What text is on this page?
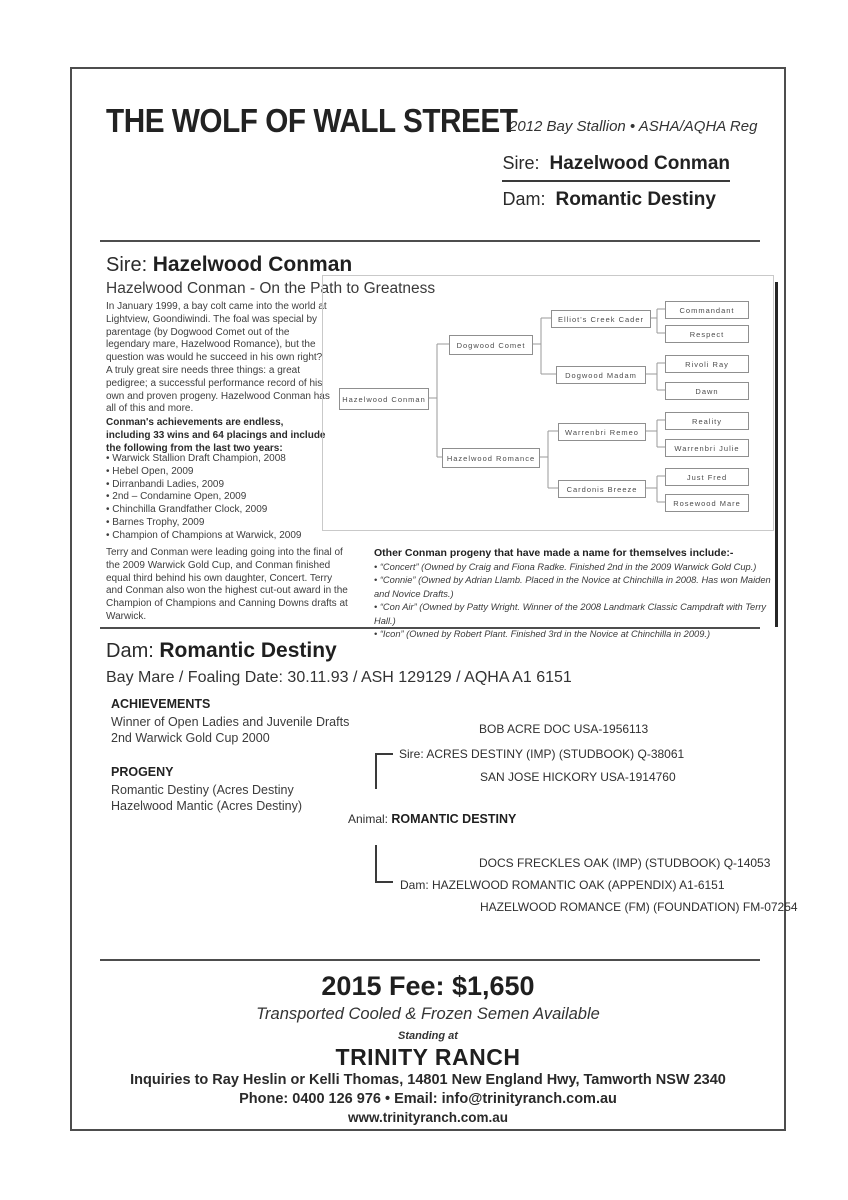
THE WOLF OF WALL STREET
2012 Bay Stallion • ASHA/AQHA Reg
Sire: Hazelwood Conman
Dam: Romantic Destiny
Sire: Hazelwood Conman
Hazelwood Conman - On the Path to Greatness
In January 1999, a bay colt came into the world at Lightview, Goondiwindi. The foal was special by parentage (by Dogwood Comet out of the legendary mare, Hazelwood Romance), but the question was would he succeed in his own right? A truly great sire needs three things: a great pedigree; a successful performance record of his own and proven progeny. Hazelwood Conman has all of this and more.
Conman's achievements are endless, including 33 wins and 64 placings and include the following from the last two years:
• Warwick Stallion Draft Champion, 2008
• Hebel Open, 2009
• Dirranbandi Ladies, 2009
• 2nd – Condamine Open, 2009
• Chinchilla Grandfather Clock, 2009
• Barnes Trophy, 2009
• Champion of Champions at Warwick, 2009
Terry and Conman were leading going into the final of the 2009 Warwick Gold Cup, and Conman finished equal third behind his own daughter, Concert. Terry and Conman also won the highest cut-out award in the Champion of Champions and Canning Downs drafts at Warwick.
Hazelwood Conman
Dogwood Comet
Hazelwood Romance
Elliot's Creek Cader
Dogwood Madam
Warrenbri Remeo
Cardonis Breeze
Commandant
Respect
Rivoli Ray
Dawn
Reality
Warrenbri Julie
Just Fred
Rosewood Mare
Other Conman progeny that have made a name for themselves include:-
• “Concert” (Owned by Craig and Fiona Radke. Finished 2nd in the 2009 Warwick Gold Cup.)
• “Connie” (Owned by Adrian Llamb. Placed in the Novice at Chinchilla in 2008. Has won Maiden and Novice Drafts.)
• “Con Air” (Owned by Patty Wright. Winner of the 2008 Landmark Classic Campdraft with Terry Hall.)
• “Icon” (Owned by Robert Plant. Finished 3rd in the Novice at Chinchilla in 2009.)
Dam: Romantic Destiny
Bay Mare / Foaling Date: 30.11.93 / ASH 129129 / AQHA A1 6151
ACHIEVEMENTS
Winner of Open Ladies and Juvenile Drafts
2nd Warwick Gold Cup 2000
PROGENY
Romantic Destiny (Acres Destiny
Hazelwood Mantic (Acres Destiny)
BOB ACRE DOC USA-1956113
Sire: ACRES DESTINY (IMP) (STUDBOOK) Q-38061
SAN JOSE HICKORY USA-1914760
Animal: ROMANTIC DESTINY
DOCS FRECKLES OAK (IMP) (STUDBOOK) Q-14053
Dam: HAZELWOOD ROMANTIC OAK (APPENDIX) A1-6151
HAZELWOOD ROMANCE (FM) (FOUNDATION) FM-07254
2015 Fee: $1,650
Transported Cooled & Frozen Semen Available
Standing at
TRINITY RANCH
Inquiries to Ray Heslin or Kelli Thomas, 14801 New England Hwy, Tamworth NSW 2340
Phone: 0400 126 976 • Email: info@trinityranch.com.au
www.trinityranch.com.au
